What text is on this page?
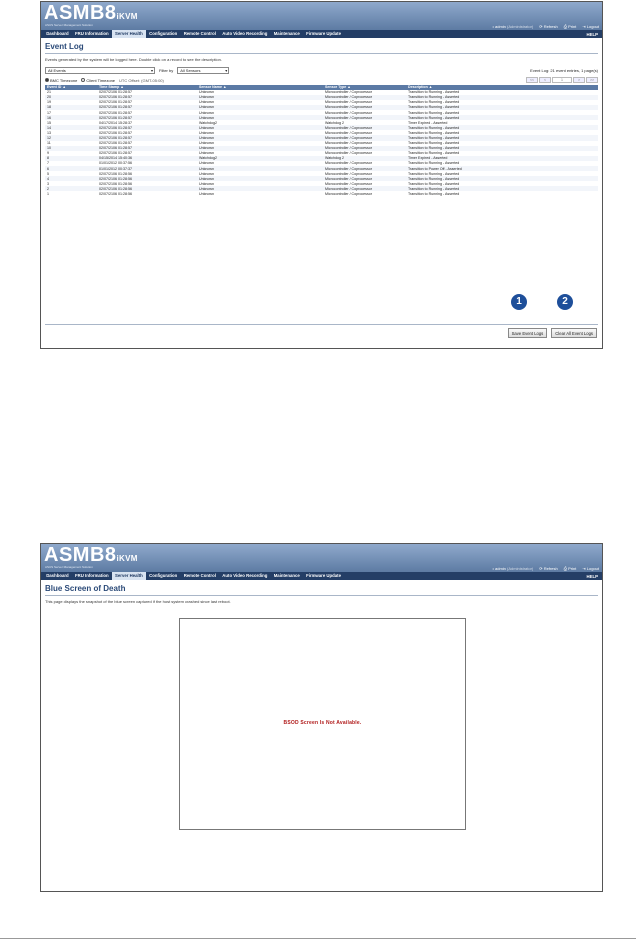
ASMB8iKVM
ASUS Server Management Solution	• admin (Administrator) ⟳ Refresh ⎙ Print ⇥ Logout
Dashboard	FRU Information	Server Health	Configuration	Remote Control	Auto Video Recording	Maintenance	Firmware Update	HELP
Event Log
Events generated by the system will be logged here. Double click on a record to see the description.
All Events	▾ Filter by	All Sensors	▾	Event Log: 21 event entries, 1 page(s)
BMC Timezone	Client Timezone UTC Offset: (GMT-05:00)	<<	<	1	>	>>
Event ID ▲	Time Stamp ▲	Sensor Name ▲	Sensor Type ▲	Description ▲
21	02/07/2106 01:28:57	Unknown	Microcontroller / Coprocessor	Transition to Running - Asserted
20	02/07/2106 01:28:57	Unknown	Microcontroller / Coprocessor	Transition to Running - Asserted
19	02/07/2106 01:28:57	Unknown	Microcontroller / Coprocessor	Transition to Running - Asserted
18	02/07/2106 01:28:57	Unknown	Microcontroller / Coprocessor	Transition to Running - Asserted
17	02/07/2106 01:28:57	Unknown	Microcontroller / Coprocessor	Transition to Running - Asserted
16	02/07/2106 01:28:57	Unknown	Microcontroller / Coprocessor	Transition to Running - Asserted
15	04/17/2014 15:28:37	Watchdog2	Watchdog 2	Timer Expired - Asserted
14	02/07/2106 01:28:57	Unknown	Microcontroller / Coprocessor	Transition to Running - Asserted
13	02/07/2106 01:28:57	Unknown	Microcontroller / Coprocessor	Transition to Running - Asserted
12	02/07/2106 01:28:57	Unknown	Microcontroller / Coprocessor	Transition to Running - Asserted
11	02/07/2106 01:28:57	Unknown	Microcontroller / Coprocessor	Transition to Running - Asserted
10	02/07/2106 01:28:57	Unknown	Microcontroller / Coprocessor	Transition to Running - Asserted
9	02/07/2106 01:28:57	Unknown	Microcontroller / Coprocessor	Transition to Running - Asserted
8	04/15/2014 15:40:36	Watchdog2	Watchdog 2	Timer Expired - Asserted
7	01/01/2012 00:37:56	Unknown	Microcontroller / Coprocessor	Transition to Running - Asserted
6	01/01/2012 00:37:37	Unknown	Microcontroller / Coprocessor	Transition to Power Off - Asserted
5	02/07/2106 01:28:56	Unknown	Microcontroller / Coprocessor	Transition to Running - Asserted
4	02/07/2106 01:28:56	Unknown	Microcontroller / Coprocessor	Transition to Running - Asserted
3	02/07/2106 01:28:56	Unknown	Microcontroller / Coprocessor	Transition to Running - Asserted
2	02/07/2106 01:28:56	Unknown	Microcontroller / Coprocessor	Transition to Running - Asserted
1	02/07/2106 01:28:56	Unknown	Microcontroller / Coprocessor	Transition to Running - Asserted
1	2
Save Event Logs	Clear All Event Logs
ASMB8iKVM
ASUS Server Management Solution	• admin (Administrator) ⟳ Refresh ⎙ Print ⇥ Logout
Dashboard	FRU Information	Server Health	Configuration	Remote Control	Auto Video Recording	Maintenance	Firmware Update	HELP
Blue Screen of Death
This page displays the snapshot of the blue screen captured if the host system crashed since last reboot.
BSOD Screen Is Not Available.
